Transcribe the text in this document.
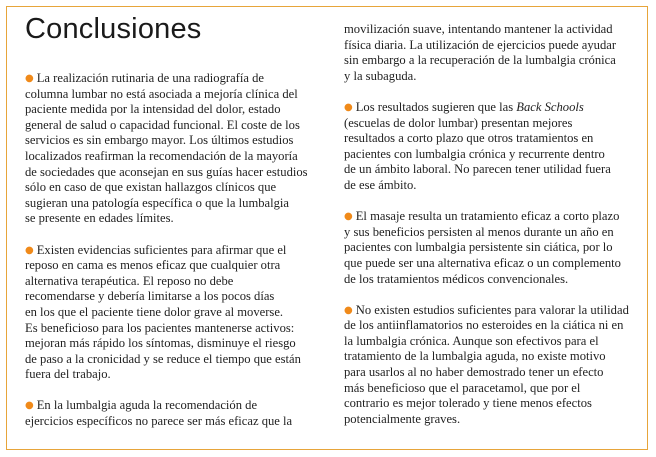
Conclusiones

● La realización rutinaria de una radiografía de
columna lumbar no está asociada a mejoría clínica del
paciente medida por la intensidad del dolor, estado
general de salud o capacidad funcional. El coste de los
servicios es sin embargo mayor. Los últimos estudios
localizados reafirman la recomendación de la mayoría
de sociedades que aconsejan en sus guías hacer estudios
sólo en caso de que existan hallazgos clínicos que
sugieran una patología específica o que la lumbalgia
se presente en edades límites.

● Existen evidencias suficientes para afirmar que el
reposo en cama es menos eficaz que cualquier otra
alternativa terapéutica. El reposo no debe
recomendarse y debería limitarse a los pocos días
en los que el paciente tiene dolor grave al moverse.
Es beneficioso para los pacientes mantenerse activos:
mejoran más rápido los síntomas, disminuye el riesgo
de paso a la cronicidad y se reduce el tiempo que están
fuera del trabajo.

● En la lumbalgia aguda la recomendación de
ejercicios específicos no parece ser más eficaz que la

movilización suave, intentando mantener la actividad
física diaria. La utilización de ejercicios puede ayudar
sin embargo a la recuperación de la lumbalgia crónica
y la subaguda.

● Los resultados sugieren que las Back Schools
(escuelas de dolor lumbar) presentan mejores
resultados a corto plazo que otros tratamientos en
pacientes con lumbalgia crónica y recurrente dentro
de un ámbito laboral. No parecen tener utilidad fuera
de ese ámbito.

● El masaje resulta un tratamiento eficaz a corto plazo
y sus beneficios persisten al menos durante un año en
pacientes con lumbalgia persistente sin ciática, por lo
que puede ser una alternativa eficaz o un complemento
de los tratamientos médicos convencionales.

● No existen estudios suficientes para valorar la utilidad
de los antiinflamatorios no esteroides en la ciática ni en
la lumbalgia crónica. Aunque son efectivos para el
tratamiento de la lumbalgia aguda, no existe motivo
para usarlos al no haber demostrado tener un efecto
más beneficioso que el paracetamol, que por el
contrario es mejor tolerado y tiene menos efectos
potencialmente graves.
